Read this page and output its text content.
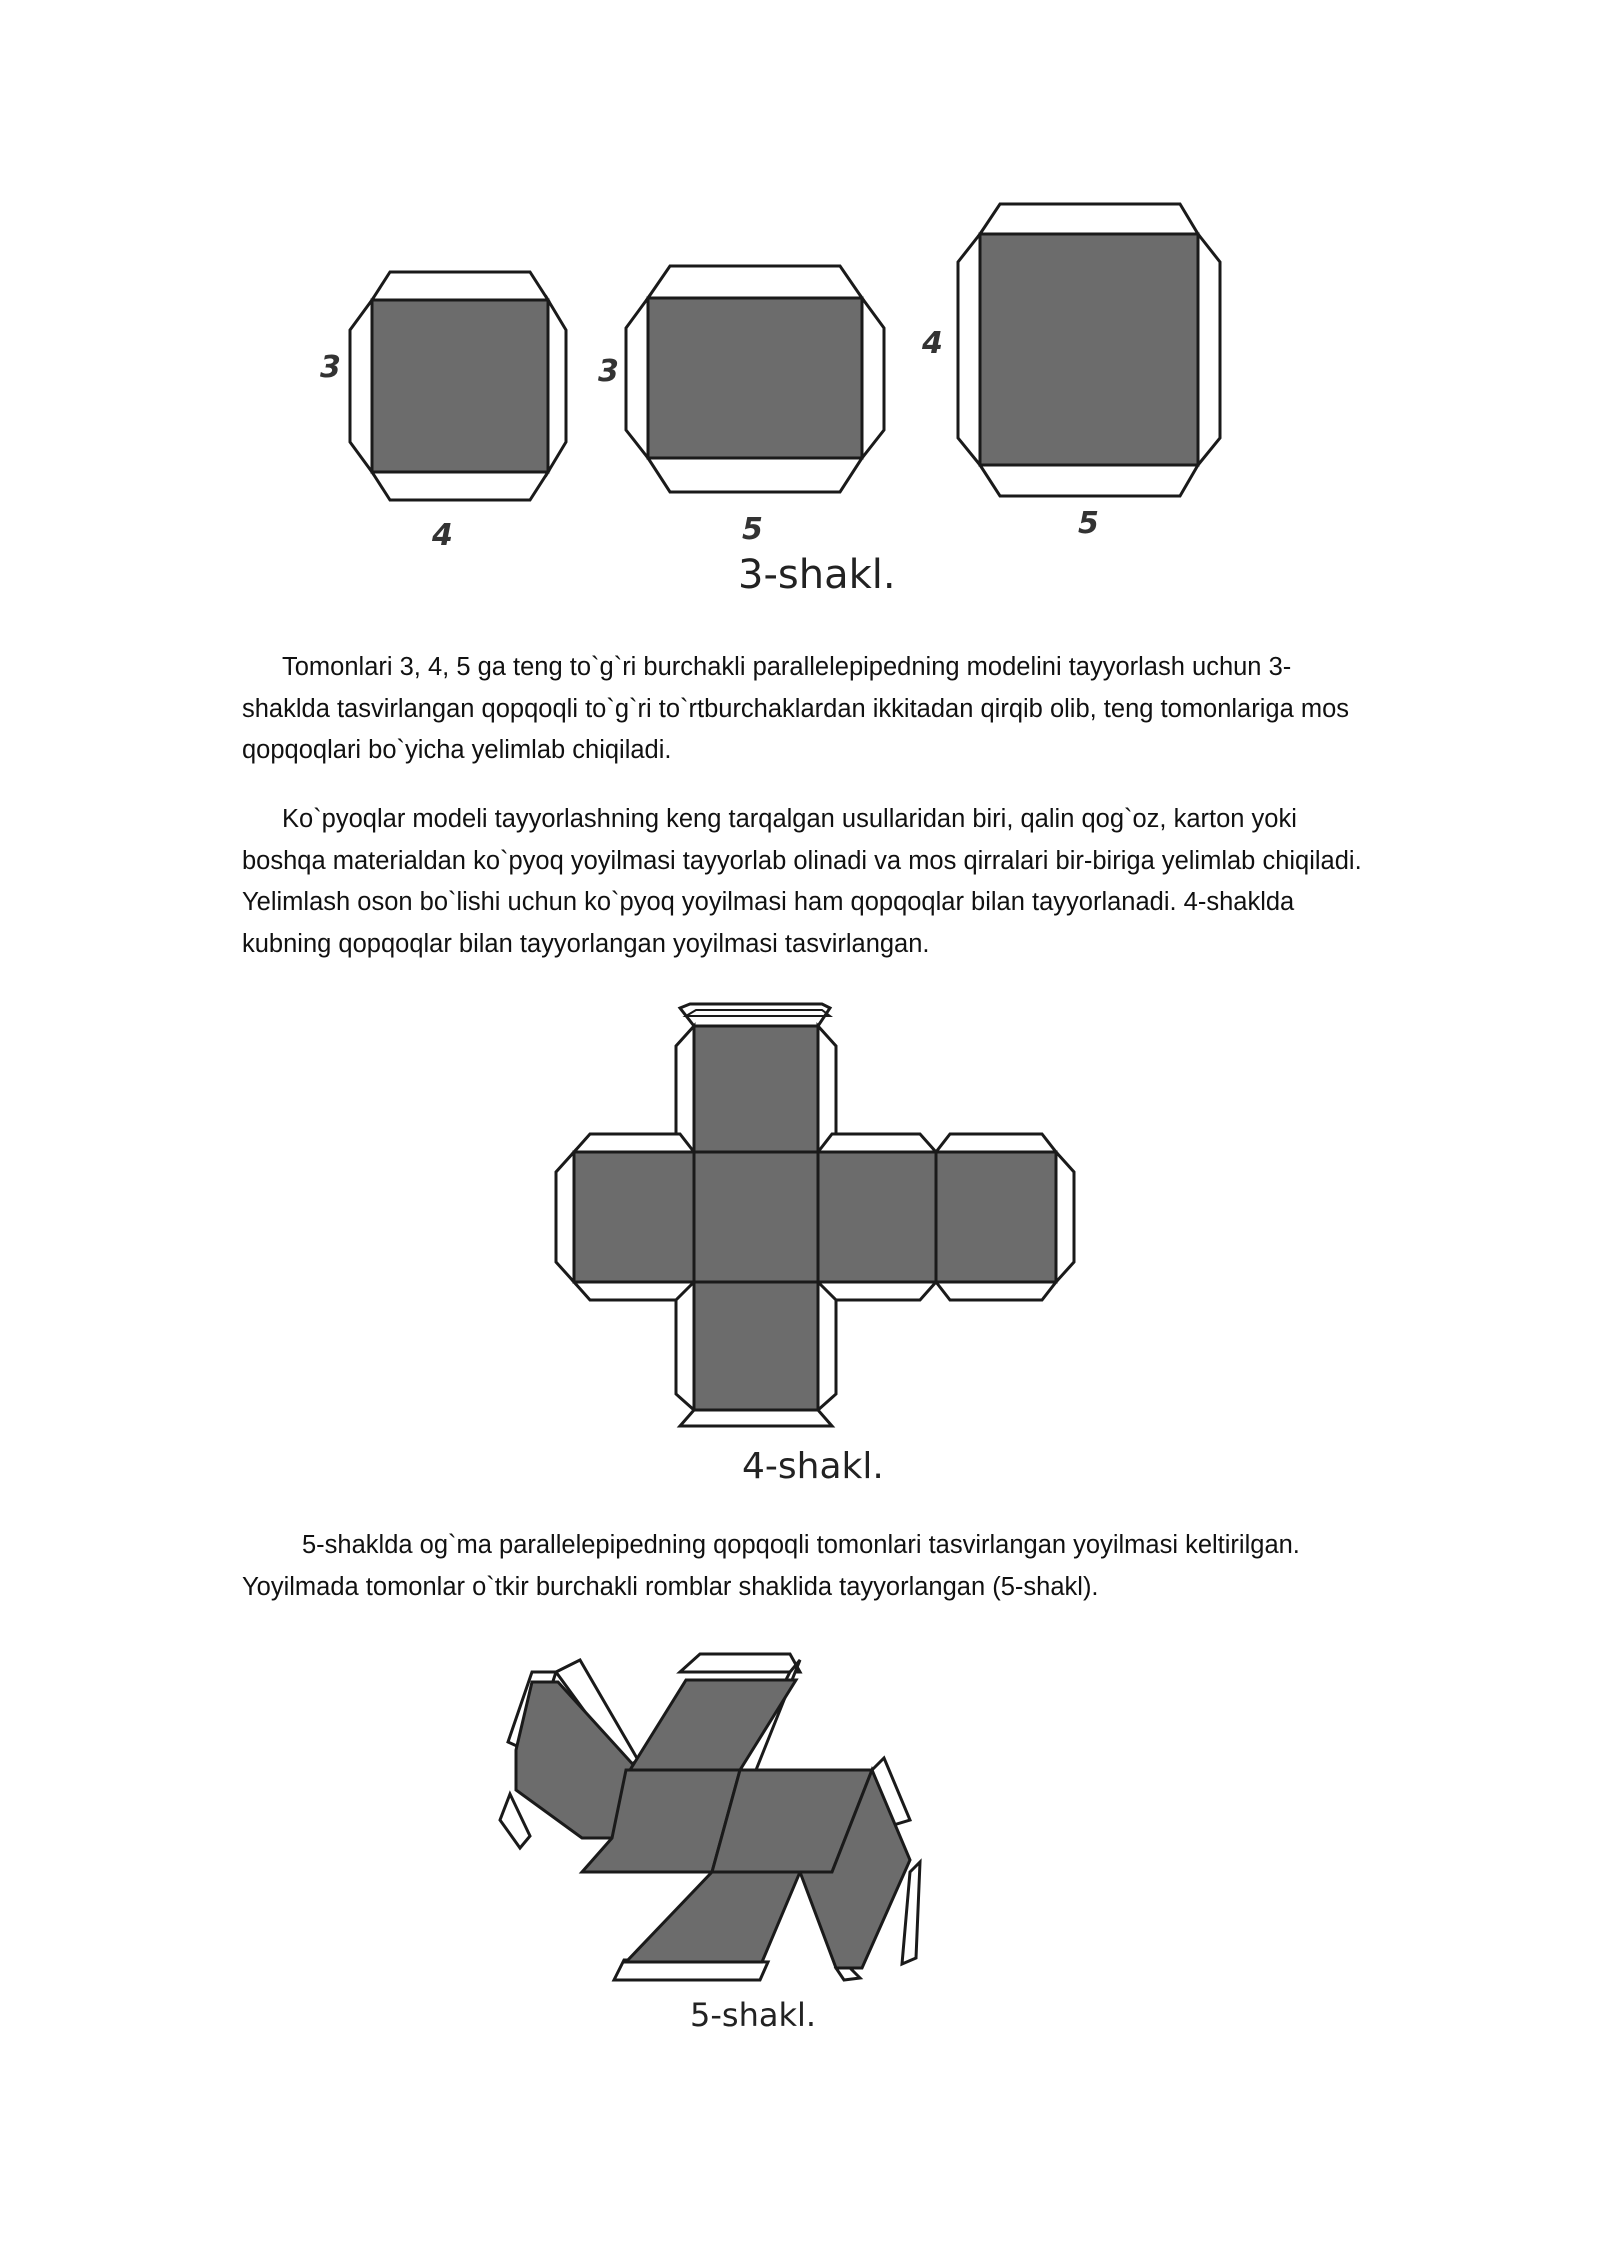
3
4
3
5
4
5
3-shakl.

Tomonlari 3, 4, 5 ga teng to`g`ri burchakli parallelepipedning modelini tayyorlash uchun 3-shaklda tasvirlangan qopqoqli to`g`ri to`rtburchaklardan ikkitadan qirqib olib, teng tomonlariga mos qopqoqlari bo`yicha yelimlab chiqiladi.

Ko`pyoqlar modeli tayyorlashning keng tarqalgan usullaridan biri, qalin qog`oz, karton yoki boshqa materialdan ko`pyoq yoyilmasi tayyorlab olinadi va mos qirralari bir-biriga yelimlab chiqiladi. Yelimlash oson bo`lishi uchun ko`pyoq yoyilmasi ham qopqoqlar bilan tayyorlanadi. 4-shaklda kubning qopqoqlar bilan tayyorlangan yoyilmasi tasvirlangan.

4-shakl.

5-shaklda og`ma parallelepipedning qopqoqli tomonlari tasvirlangan yoyilmasi keltirilgan. Yoyilmada tomonlar o`tkir burchakli romblar shaklida tayyorlangan (5-shakl).

5-shakl.
